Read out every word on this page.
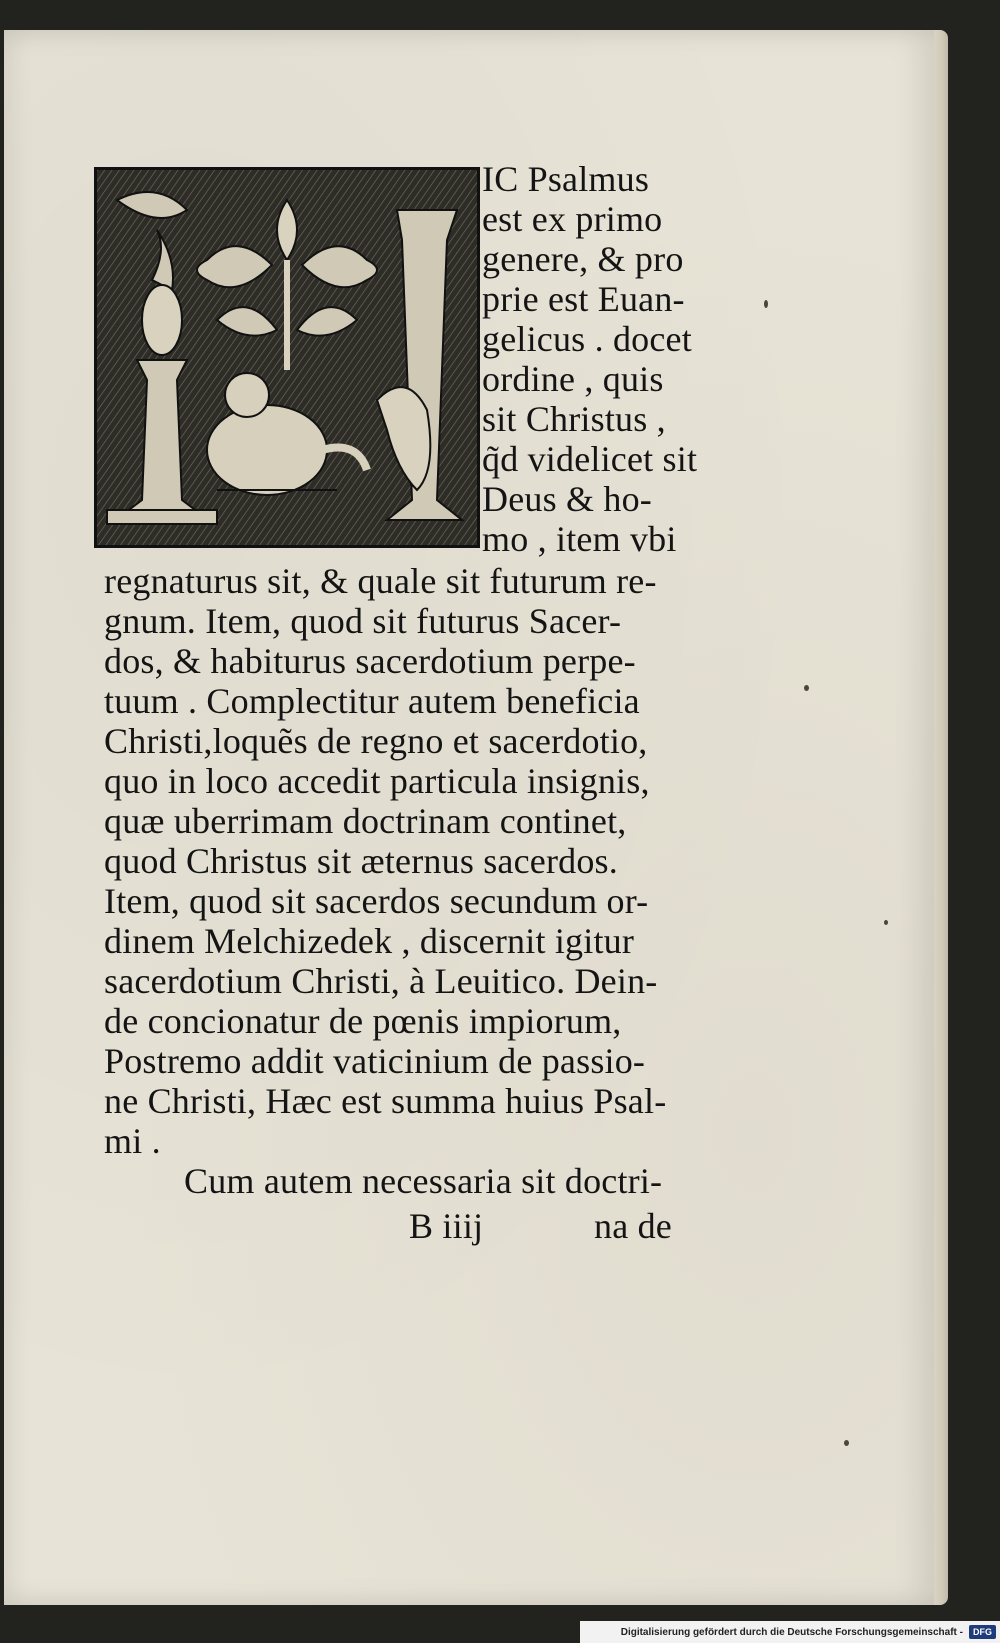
IC Psalmus
est ex primo
genere, & pro
prie est Euan-
gelicus . docet
ordine , quis
sit Christus ,
q̃d videlicet sit
Deus & ho-
mo , item vbi
regnaturus sit, & quale sit futurum re-
gnum. Item, quod sit futurus Sacer-
dos, & habiturus sacerdotium perpe-
tuum . Complectitur autem beneficia
Christi,loquẽs de regno et sacerdotio,
quo in loco accedit particula insignis,
quæ uberrimam doctrinam continet,
quod Christus sit æternus sacerdos.
Item, quod sit sacerdos secundum or-
dinem Melchizedek , discernit igitur
sacerdotium Christi, à Leuitico. Dein-
de concionatur de pœnis impiorum,
Postremo addit vaticinium de passio-
ne Christi, Hæc est summa huius Psal-
mi .
Cum autem necessaria sit doctri-
B iiij	na de
Digitalisierung gefördert durch die Deutsche Forschungsgemeinschaft -	DFG
